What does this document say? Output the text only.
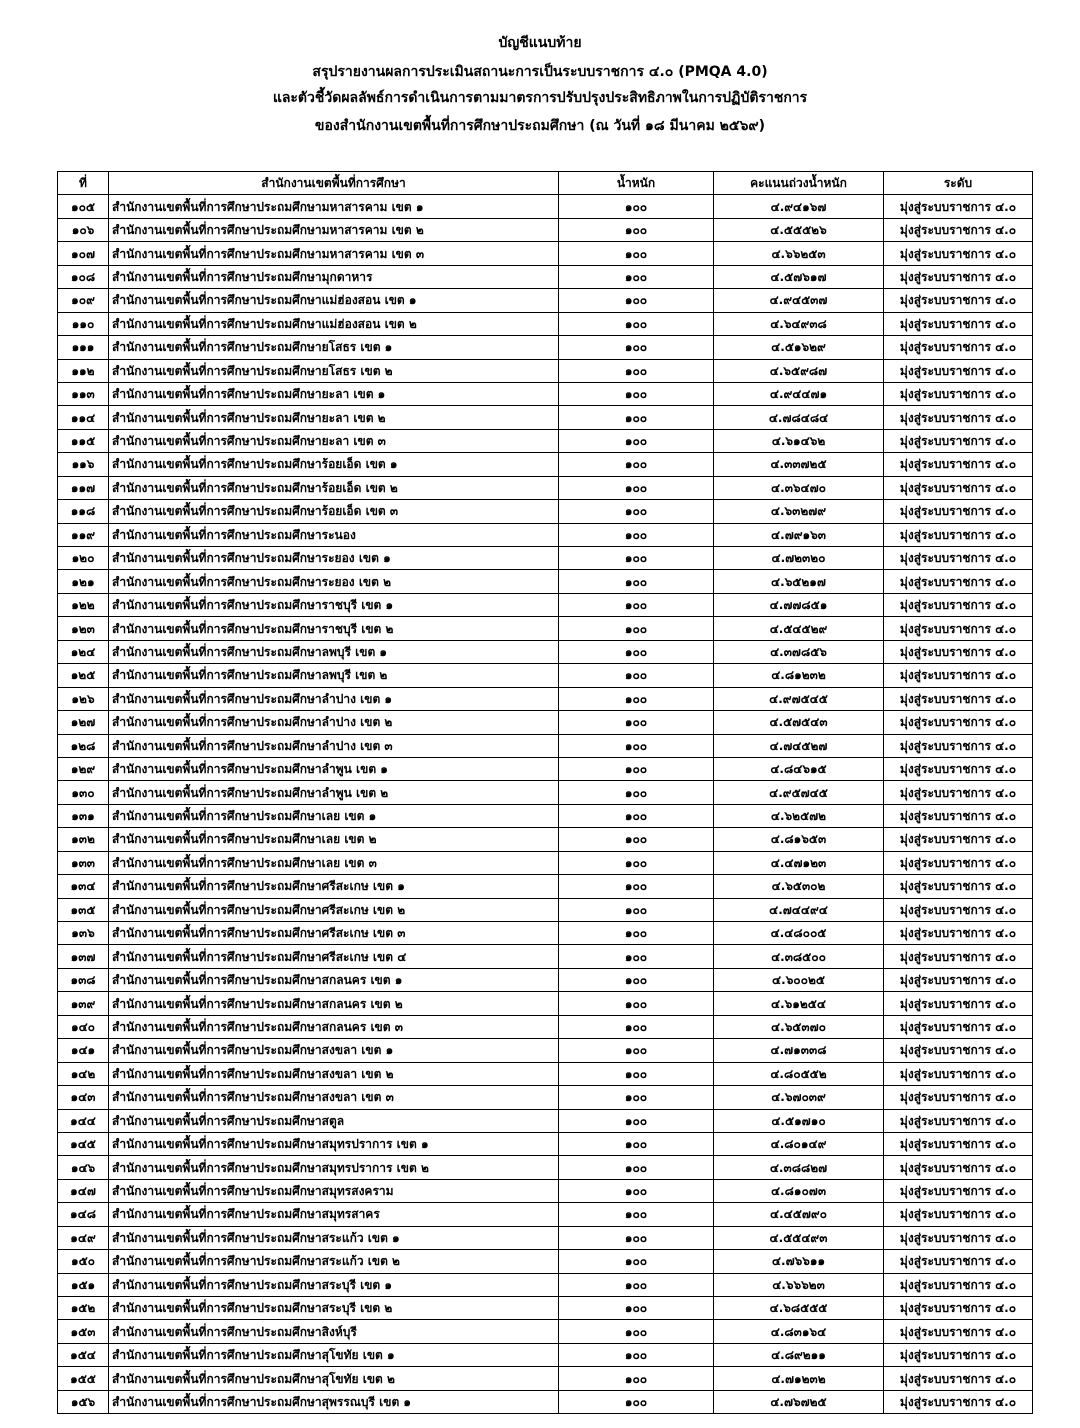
บัญชีแนบท้าย
สรุปรายงานผลการประเมินสถานะการเป็นระบบราชการ ๔.๐ (PMQA 4.0)
และตัวชี้วัดผลลัพธ์การดำเนินการตามมาตรการปรับปรุงประสิทธิภาพในการปฏิบัติราชการ
ของสำนักงานเขตพื้นที่การศึกษาประถมศึกษา (ณ วันที่ ๑๘ มีนาคม ๒๕๖๙)
ที่	สำนักงานเขตพื้นที่การศึกษา	น้ำหนัก	คะแนนถ่วงน้ำหนัก	ระดับ
๑๐๕	สำนักงานเขตพื้นที่การศึกษาประถมศึกษามหาสารคาม เขต ๑	๑๐๐	๔.๙๔๑๖๗	มุ่งสู่ระบบราชการ ๔.๐
๑๐๖	สำนักงานเขตพื้นที่การศึกษาประถมศึกษามหาสารคาม เขต ๒	๑๐๐	๔.๕๕๕๒๖	มุ่งสู่ระบบราชการ ๔.๐
๑๐๗	สำนักงานเขตพื้นที่การศึกษาประถมศึกษามหาสารคาม เขต ๓	๑๐๐	๔.๖๖๒๕๓	มุ่งสู่ระบบราชการ ๔.๐
๑๐๘	สำนักงานเขตพื้นที่การศึกษาประถมศึกษามุกดาหาร	๑๐๐	๔.๕๗๖๑๗	มุ่งสู่ระบบราชการ ๔.๐
๑๐๙	สำนักงานเขตพื้นที่การศึกษาประถมศึกษาแม่ฮ่องสอน เขต ๑	๑๐๐	๔.๙๔๕๓๗	มุ่งสู่ระบบราชการ ๔.๐
๑๑๐	สำนักงานเขตพื้นที่การศึกษาประถมศึกษาแม่ฮ่องสอน เขต ๒	๑๐๐	๔.๖๔๙๓๘	มุ่งสู่ระบบราชการ ๔.๐
๑๑๑	สำนักงานเขตพื้นที่การศึกษาประถมศึกษายโสธร เขต ๑	๑๐๐	๔.๕๑๖๒๙	มุ่งสู่ระบบราชการ ๔.๐
๑๑๒	สำนักงานเขตพื้นที่การศึกษาประถมศึกษายโสธร เขต ๒	๑๐๐	๔.๖๕๙๘๗	มุ่งสู่ระบบราชการ ๔.๐
๑๑๓	สำนักงานเขตพื้นที่การศึกษาประถมศึกษายะลา เขต ๑	๑๐๐	๔.๙๔๔๗๑	มุ่งสู่ระบบราชการ ๔.๐
๑๑๔	สำนักงานเขตพื้นที่การศึกษาประถมศึกษายะลา เขต ๒	๑๐๐	๔.๗๘๔๘๔	มุ่งสู่ระบบราชการ ๔.๐
๑๑๕	สำนักงานเขตพื้นที่การศึกษาประถมศึกษายะลา เขต ๓	๑๐๐	๔.๖๑๔๖๒	มุ่งสู่ระบบราชการ ๔.๐
๑๑๖	สำนักงานเขตพื้นที่การศึกษาประถมศึกษาร้อยเอ็ด เขต ๑	๑๐๐	๔.๓๓๗๒๕	มุ่งสู่ระบบราชการ ๔.๐
๑๑๗	สำนักงานเขตพื้นที่การศึกษาประถมศึกษาร้อยเอ็ด เขต ๒	๑๐๐	๔.๓๖๔๗๐	มุ่งสู่ระบบราชการ ๔.๐
๑๑๘	สำนักงานเขตพื้นที่การศึกษาประถมศึกษาร้อยเอ็ด เขต ๓	๑๐๐	๔.๖๓๒๗๙	มุ่งสู่ระบบราชการ ๔.๐
๑๑๙	สำนักงานเขตพื้นที่การศึกษาประถมศึกษาระนอง	๑๐๐	๔.๗๙๑๖๓	มุ่งสู่ระบบราชการ ๔.๐
๑๒๐	สำนักงานเขตพื้นที่การศึกษาประถมศึกษาระยอง เขต ๑	๑๐๐	๔.๗๒๓๒๐	มุ่งสู่ระบบราชการ ๔.๐
๑๒๑	สำนักงานเขตพื้นที่การศึกษาประถมศึกษาระยอง เขต ๒	๑๐๐	๔.๖๕๒๑๗	มุ่งสู่ระบบราชการ ๔.๐
๑๒๒	สำนักงานเขตพื้นที่การศึกษาประถมศึกษาราชบุรี เขต ๑	๑๐๐	๔.๗๗๘๕๑	มุ่งสู่ระบบราชการ ๔.๐
๑๒๓	สำนักงานเขตพื้นที่การศึกษาประถมศึกษาราชบุรี เขต ๒	๑๐๐	๔.๕๔๕๒๙	มุ่งสู่ระบบราชการ ๔.๐
๑๒๔	สำนักงานเขตพื้นที่การศึกษาประถมศึกษาลพบุรี เขต ๑	๑๐๐	๔.๓๗๘๕๖	มุ่งสู่ระบบราชการ ๔.๐
๑๒๕	สำนักงานเขตพื้นที่การศึกษาประถมศึกษาลพบุรี เขต ๒	๑๐๐	๔.๘๑๒๓๒	มุ่งสู่ระบบราชการ ๔.๐
๑๒๖	สำนักงานเขตพื้นที่การศึกษาประถมศึกษาลำปาง เขต ๑	๑๐๐	๔.๙๗๕๔๕	มุ่งสู่ระบบราชการ ๔.๐
๑๒๗	สำนักงานเขตพื้นที่การศึกษาประถมศึกษาลำปาง เขต ๒	๑๐๐	๔.๕๗๕๔๓	มุ่งสู่ระบบราชการ ๔.๐
๑๒๘	สำนักงานเขตพื้นที่การศึกษาประถมศึกษาลำปาง เขต ๓	๑๐๐	๔.๗๔๕๒๗	มุ่งสู่ระบบราชการ ๔.๐
๑๒๙	สำนักงานเขตพื้นที่การศึกษาประถมศึกษาลำพูน เขต ๑	๑๐๐	๔.๘๔๖๑๕	มุ่งสู่ระบบราชการ ๔.๐
๑๓๐	สำนักงานเขตพื้นที่การศึกษาประถมศึกษาลำพูน เขต ๒	๑๐๐	๔.๙๕๗๔๕	มุ่งสู่ระบบราชการ ๔.๐
๑๓๑	สำนักงานเขตพื้นที่การศึกษาประถมศึกษาเลย เขต ๑	๑๐๐	๔.๖๒๕๗๒	มุ่งสู่ระบบราชการ ๔.๐
๑๓๒	สำนักงานเขตพื้นที่การศึกษาประถมศึกษาเลย เขต ๒	๑๐๐	๔.๘๑๖๕๓	มุ่งสู่ระบบราชการ ๔.๐
๑๓๓	สำนักงานเขตพื้นที่การศึกษาประถมศึกษาเลย เขต ๓	๑๐๐	๔.๔๗๑๒๓	มุ่งสู่ระบบราชการ ๔.๐
๑๓๔	สำนักงานเขตพื้นที่การศึกษาประถมศึกษาศรีสะเกษ เขต ๑	๑๐๐	๔.๖๕๓๐๒	มุ่งสู่ระบบราชการ ๔.๐
๑๓๕	สำนักงานเขตพื้นที่การศึกษาประถมศึกษาศรีสะเกษ เขต ๒	๑๐๐	๔.๗๔๔๙๔	มุ่งสู่ระบบราชการ ๔.๐
๑๓๖	สำนักงานเขตพื้นที่การศึกษาประถมศึกษาศรีสะเกษ เขต ๓	๑๐๐	๔.๔๘๐๐๕	มุ่งสู่ระบบราชการ ๔.๐
๑๓๗	สำนักงานเขตพื้นที่การศึกษาประถมศึกษาศรีสะเกษ เขต ๔	๑๐๐	๔.๓๘๕๐๐	มุ่งสู่ระบบราชการ ๔.๐
๑๓๘	สำนักงานเขตพื้นที่การศึกษาประถมศึกษาสกลนคร เขต ๑	๑๐๐	๔.๖๐๐๒๕	มุ่งสู่ระบบราชการ ๔.๐
๑๓๙	สำนักงานเขตพื้นที่การศึกษาประถมศึกษาสกลนคร เขต ๒	๑๐๐	๔.๖๑๒๕๔	มุ่งสู่ระบบราชการ ๔.๐
๑๔๐	สำนักงานเขตพื้นที่การศึกษาประถมศึกษาสกลนคร เขต ๓	๑๐๐	๔.๖๕๓๗๐	มุ่งสู่ระบบราชการ ๔.๐
๑๔๑	สำนักงานเขตพื้นที่การศึกษาประถมศึกษาสงขลา เขต ๑	๑๐๐	๔.๗๑๓๓๘	มุ่งสู่ระบบราชการ ๔.๐
๑๔๒	สำนักงานเขตพื้นที่การศึกษาประถมศึกษาสงขลา เขต ๒	๑๐๐	๔.๘๐๕๕๒	มุ่งสู่ระบบราชการ ๔.๐
๑๔๓	สำนักงานเขตพื้นที่การศึกษาประถมศึกษาสงขลา เขต ๓	๑๐๐	๔.๖๗๐๓๙	มุ่งสู่ระบบราชการ ๔.๐
๑๔๔	สำนักงานเขตพื้นที่การศึกษาประถมศึกษาสตูล	๑๐๐	๔.๕๑๗๑๐	มุ่งสู่ระบบราชการ ๔.๐
๑๔๕	สำนักงานเขตพื้นที่การศึกษาประถมศึกษาสมุทรปราการ เขต ๑	๑๐๐	๔.๘๐๑๔๙	มุ่งสู่ระบบราชการ ๔.๐
๑๔๖	สำนักงานเขตพื้นที่การศึกษาประถมศึกษาสมุทรปราการ เขต ๒	๑๐๐	๔.๓๘๘๒๗	มุ่งสู่ระบบราชการ ๔.๐
๑๔๗	สำนักงานเขตพื้นที่การศึกษาประถมศึกษาสมุทรสงคราม	๑๐๐	๔.๘๑๐๗๓	มุ่งสู่ระบบราชการ ๔.๐
๑๔๘	สำนักงานเขตพื้นที่การศึกษาประถมศึกษาสมุทรสาคร	๑๐๐	๔.๔๕๗๙๐	มุ่งสู่ระบบราชการ ๔.๐
๑๔๙	สำนักงานเขตพื้นที่การศึกษาประถมศึกษาสระแก้ว เขต ๑	๑๐๐	๔.๕๕๔๙๓	มุ่งสู่ระบบราชการ ๔.๐
๑๕๐	สำนักงานเขตพื้นที่การศึกษาประถมศึกษาสระแก้ว เขต ๒	๑๐๐	๔.๗๖๖๑๑	มุ่งสู่ระบบราชการ ๔.๐
๑๕๑	สำนักงานเขตพื้นที่การศึกษาประถมศึกษาสระบุรี เขต ๑	๑๐๐	๔.๖๖๖๒๓	มุ่งสู่ระบบราชการ ๔.๐
๑๕๒	สำนักงานเขตพื้นที่การศึกษาประถมศึกษาสระบุรี เขต ๒	๑๐๐	๔.๖๘๕๕๕	มุ่งสู่ระบบราชการ ๔.๐
๑๕๓	สำนักงานเขตพื้นที่การศึกษาประถมศึกษาสิงห์บุรี	๑๐๐	๔.๘๓๑๖๔	มุ่งสู่ระบบราชการ ๔.๐
๑๕๔	สำนักงานเขตพื้นที่การศึกษาประถมศึกษาสุโขทัย เขต ๑	๑๐๐	๔.๘๙๒๑๑	มุ่งสู่ระบบราชการ ๔.๐
๑๕๕	สำนักงานเขตพื้นที่การศึกษาประถมศึกษาสุโขทัย เขต ๒	๑๐๐	๔.๗๑๒๓๒	มุ่งสู่ระบบราชการ ๔.๐
๑๕๖	สำนักงานเขตพื้นที่การศึกษาประถมศึกษาสุพรรณบุรี เขต ๑	๑๐๐	๔.๗๖๗๒๕	มุ่งสู่ระบบราชการ ๔.๐
